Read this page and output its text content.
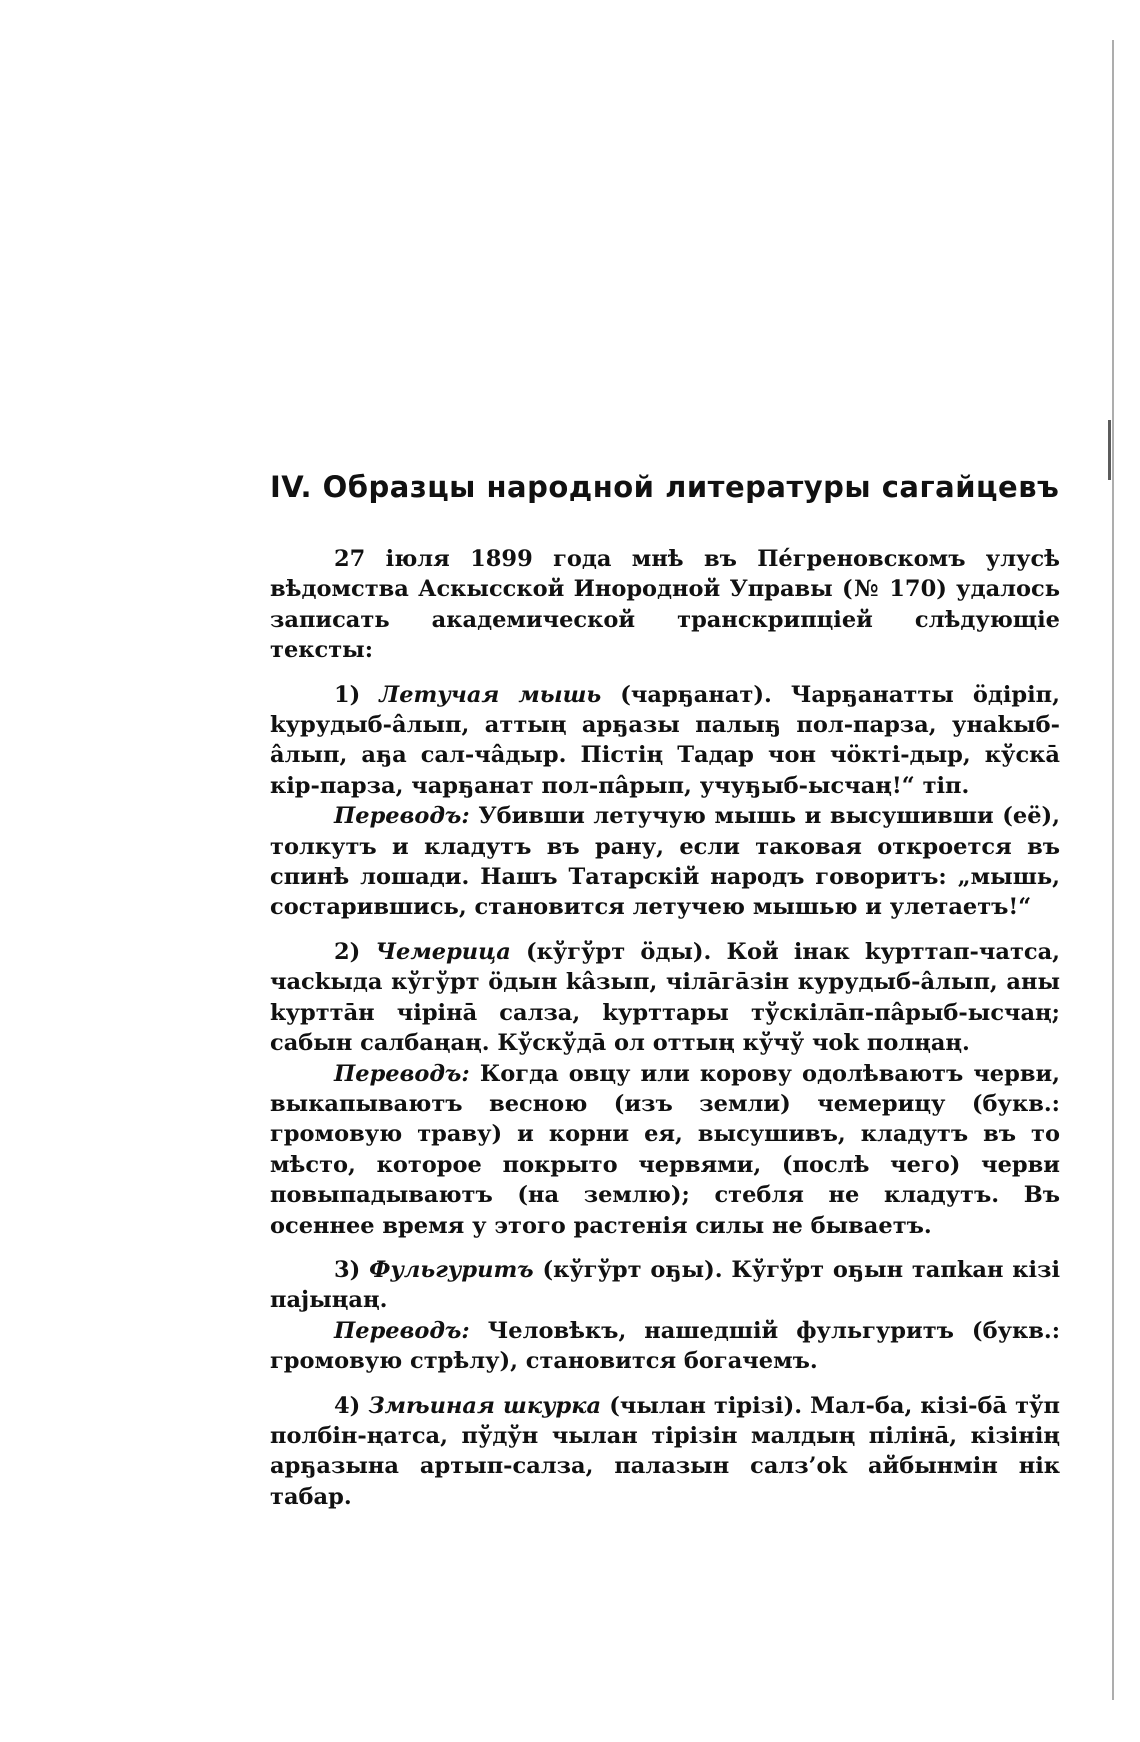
IV. Образцы народной литературы сагайцевъ

27 іюля 1899 года мнѣ въ Пе́греновскомъ улусѣ вѣдомства Аскысской Инородной Управы (№ 170) удалось записать академической транскрипціей слѣдующіе тексты:

1) Летучая мышь (чарҕанат). Чарҕанатты ӧдірiп, kурудыб-а̂лып, аттың арҕазы палыҕ пол-парза, унаkыб-а̂лып, аҕа сал-ча̂дыр. Пiстiң Тадар чон чӧкті-дыр, кўска̄ кір-парза, чарҕанат пол-па̂рып, учуҕыб-ысчаң!“ тiп.

Переводъ: Убивши летучую мышь и высушивши (её), толкутъ и кладутъ въ рану, если таковая откроется въ спинѣ лошади. Нашъ Татарскій народъ говоритъ: „мышь, состарившись, становится летучею мышью и улетаетъ!“

2) Чемерица (кўгўрт ӧды). Кой інак kурттап-чатса, часkыда кўгўрт ӧдын kа̂зып, чіла̄га̄зiн курудыб-а̂лып, аны kурттāн чiрiна̄ салза, kурттары тўскiла̄п-па̂рыб-ысчаң; сабын салбаңаң. Кўскўда̄ ол оттың кўчў чоk полңаң.

Переводъ: Когда овцу или корову одолѣваютъ черви, выкапываютъ весною (изъ земли) чемерицу (букв.: громовую траву) и корни ея, высушивъ, кладутъ въ то мѣсто, которое покрыто червями, (послѣ чего) черви повыпадываютъ (на землю); стебля не кладутъ. Въ осеннее время у этого растенія силы не бываетъ.

3) Фульгуритъ (кўгўрт оҕы). Кўгўрт оҕын тапkан кiзi пајыңаң.

Переводъ: Человѣкъ, нашедшій фульгуритъ (букв.: громовую стрѣлу), становится богачемъ.

4) Змѣиная шкурка (чылан тiрiзi). Мал-ба, кiзi-ба̄ тўп полбiн-ңатса, пўдўн чылан тiрiзiн малдың пiлiна̄, кiзiнiң арҕазына артып-салза, палазын салз’оk айбынмiн нiк табар.
